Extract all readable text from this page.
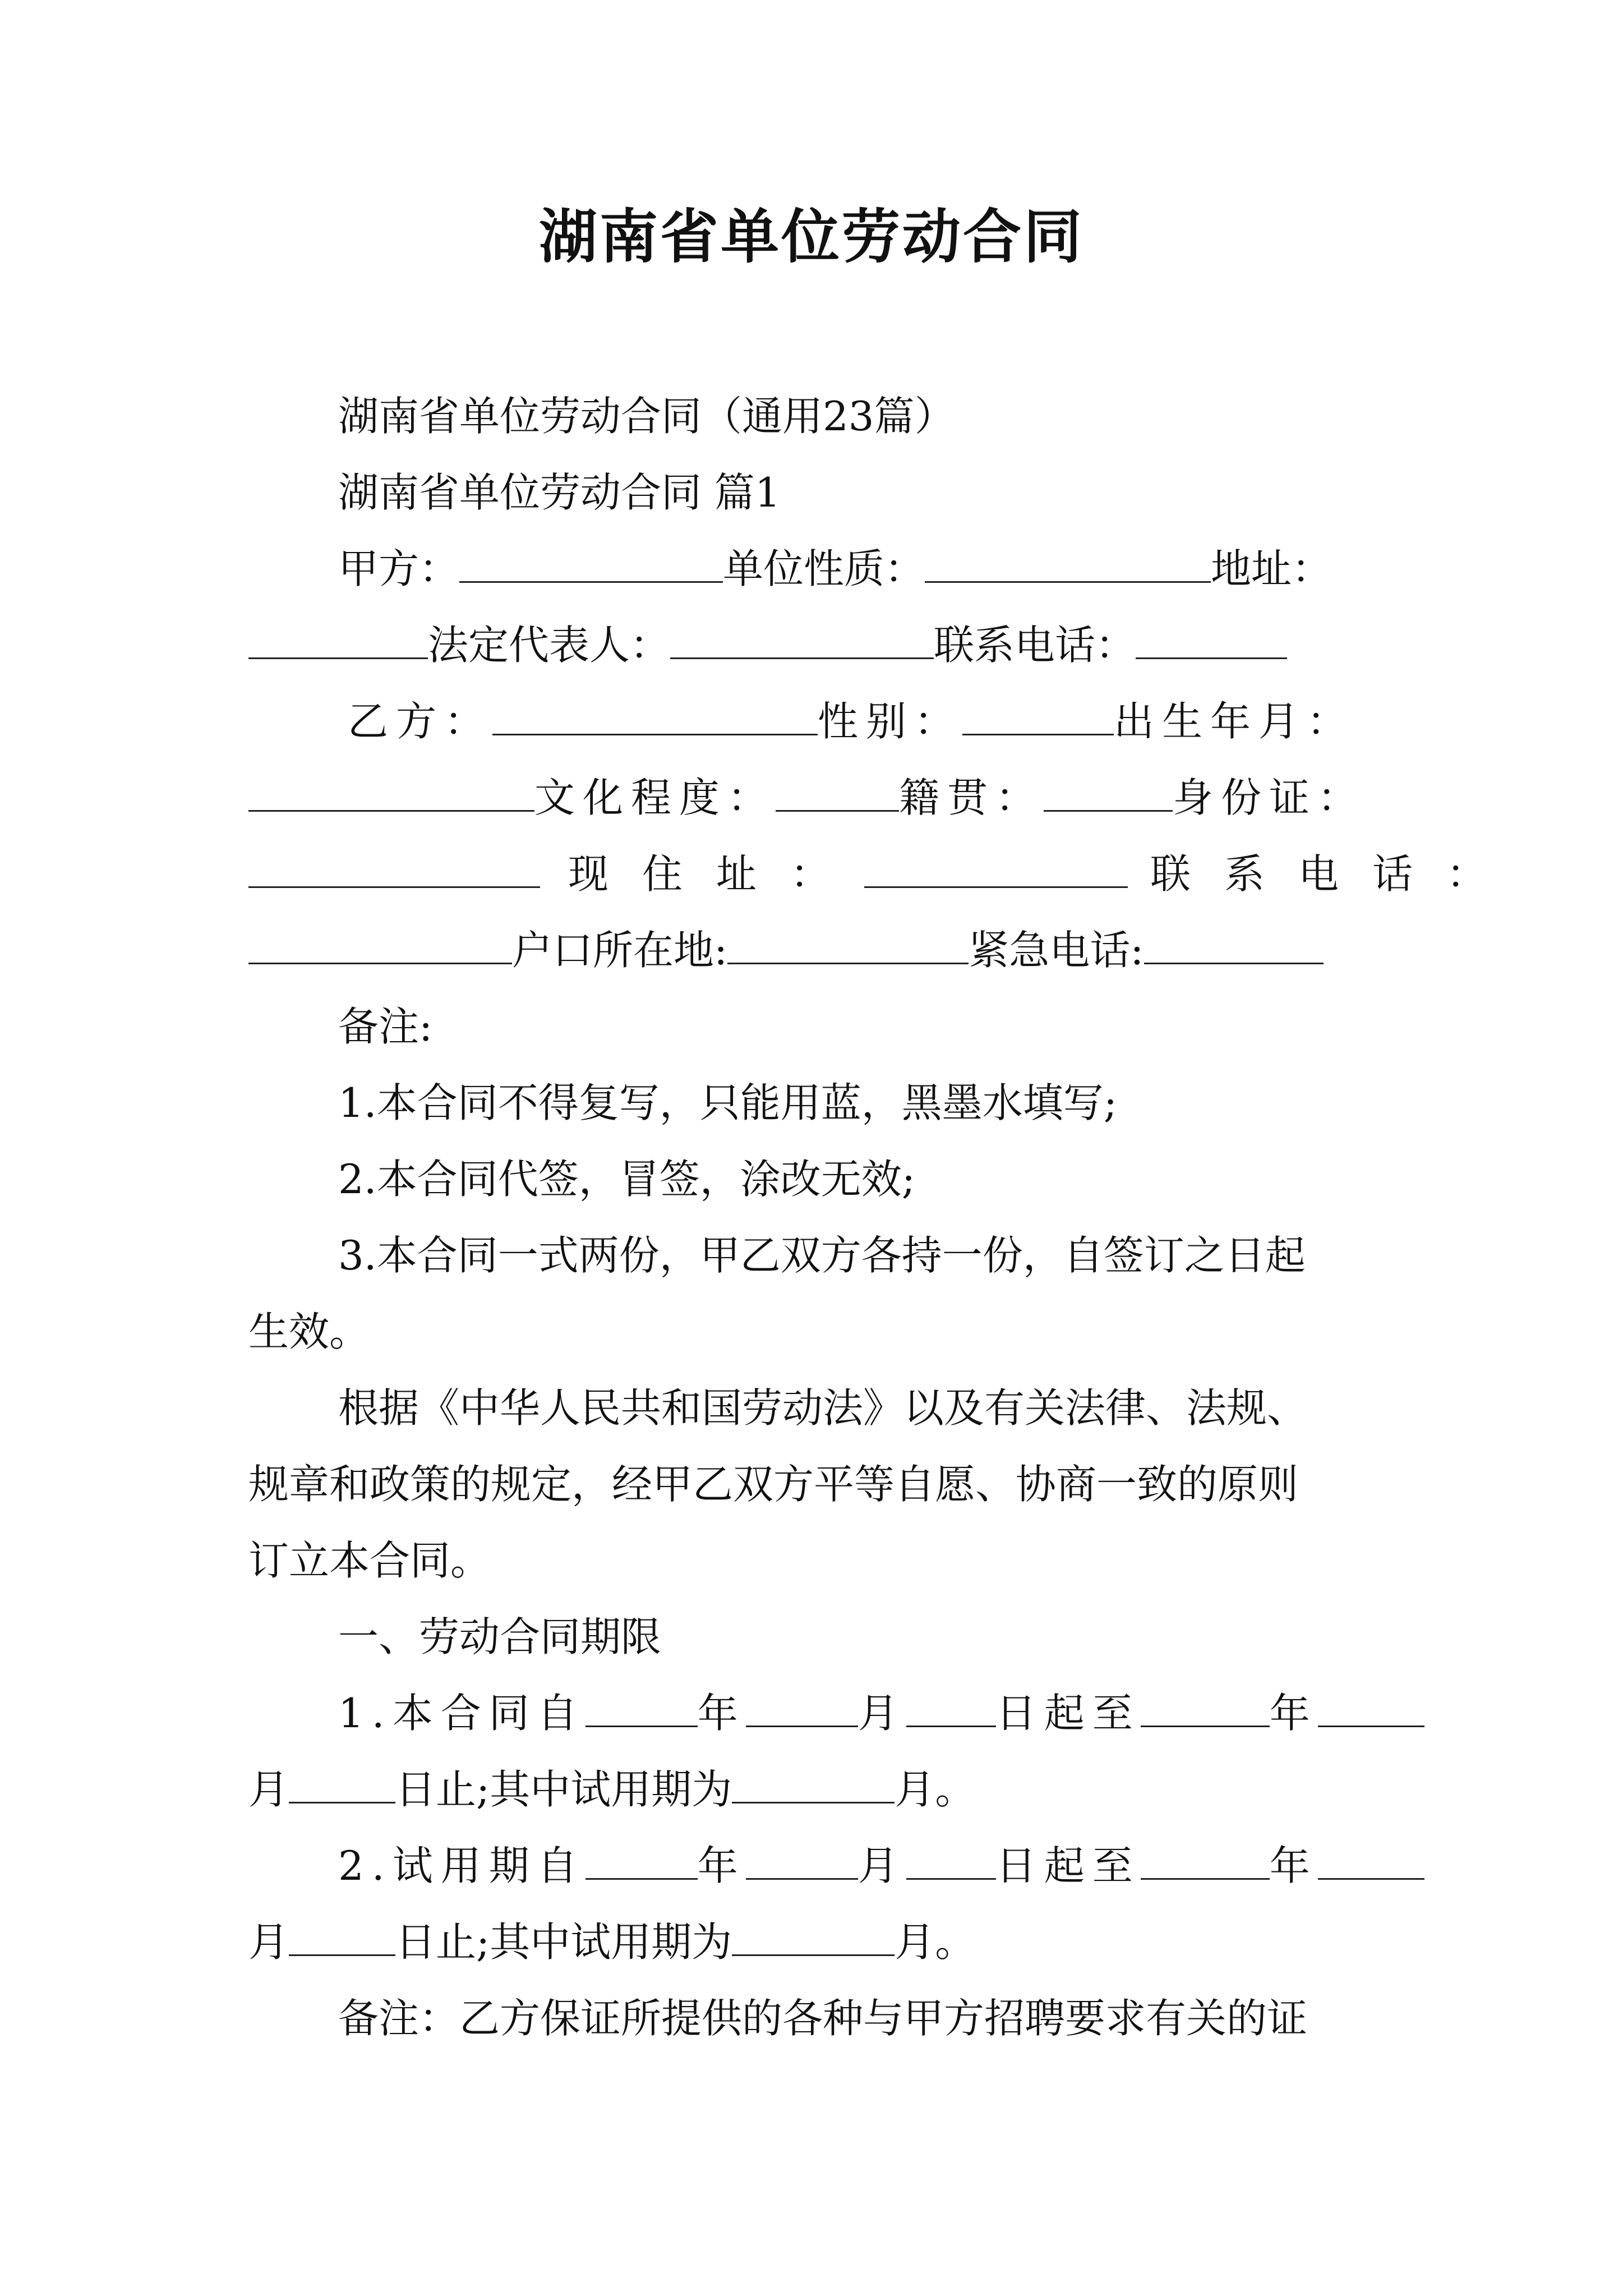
湖南省单位劳动合同
湖南省单位劳动合同（通用23篇）
湖南省单位劳动合同 篇1
甲方：	单位性质：	地址：
法定代表人：	联系电话：
乙方：	性别：	出生年月：
文化程度：	籍贯：	身份证：
现住址：	联系电话：
户口所在地:	紧急电话:
备注:
1.本合同不得复写，只能用蓝，黑墨水填写;
2.本合同代签，冒签，涂改无效;
3.本合同一式两份，甲乙双方各持一份，自签订之日起
生效。
根据《中华人民共和国劳动法》以及有关法律、法规、
规章和政策的规定，经甲乙双方平等自愿、协商一致的原则
订立本合同。
一、劳动合同期限
1.本合同自	年	月 日起至	年
月	日止;其中试用期为	月。
2.试用期自	年	月 日起至	年
月	日止;其中试用期为	月。
备注：乙方保证所提供的各种与甲方招聘要求有关的证
